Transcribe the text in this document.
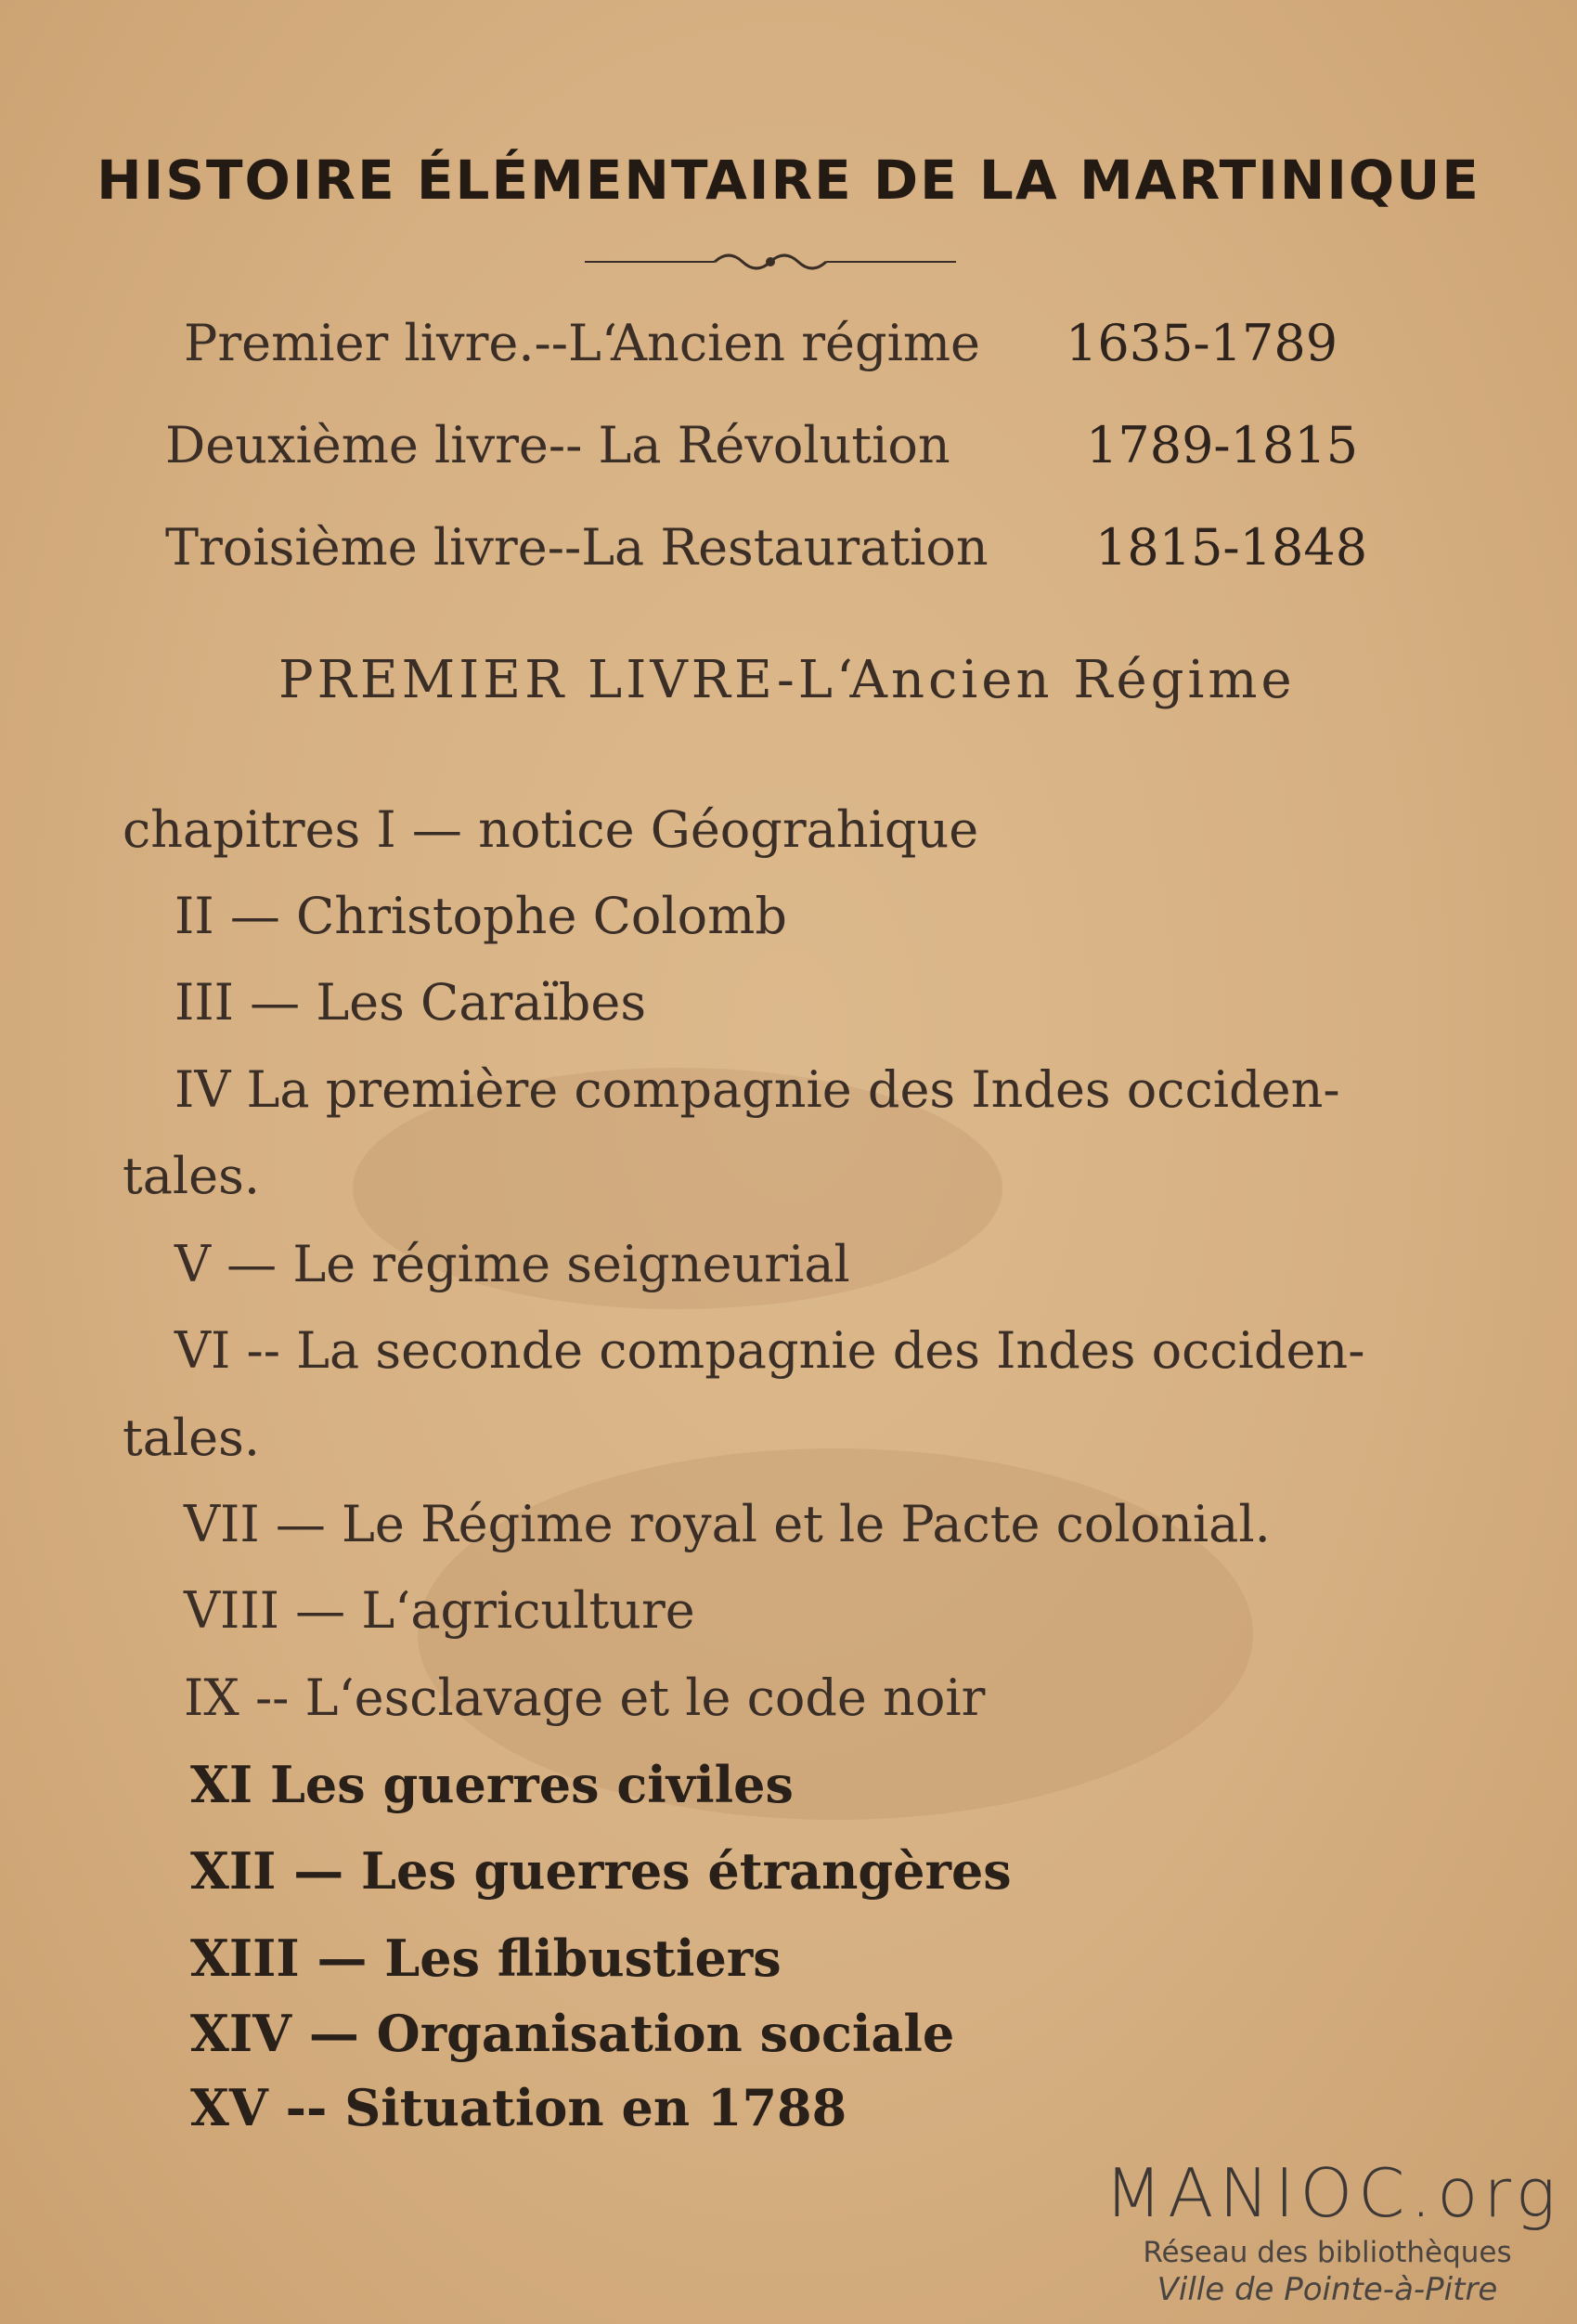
HISTOIRE ÉLÉMENTAIRE DE LA MARTINIQUE
Premier livre.--L‘Ancien régime 1635-1789
Deuxième livre-- La Révolution	1789-1815
Troisième livre--La Restauration 1815-1848
PREMIER LIVRE-L‘Ancien Régime
chapitres I — notice Géograhique
II — Christophe Colomb
III — Les Caraïbes
IV La première compagnie des Indes occiden-
tales.
V — Le régime seigneurial
VI -- La seconde compagnie des Indes occiden-
tales.
VII — Le Régime royal et le Pacte colonial.
VIII — L‘agriculture
IX -- L‘esclavage et le code noir
XI Les guerres civiles
XII — Les guerres étrangères
XIII — Les flibustiers
XIV — Organisation sociale
XV -- Situation en 1788
MANIOC.org
Réseau des bibliothèques
Ville de Pointe-à-Pitre
